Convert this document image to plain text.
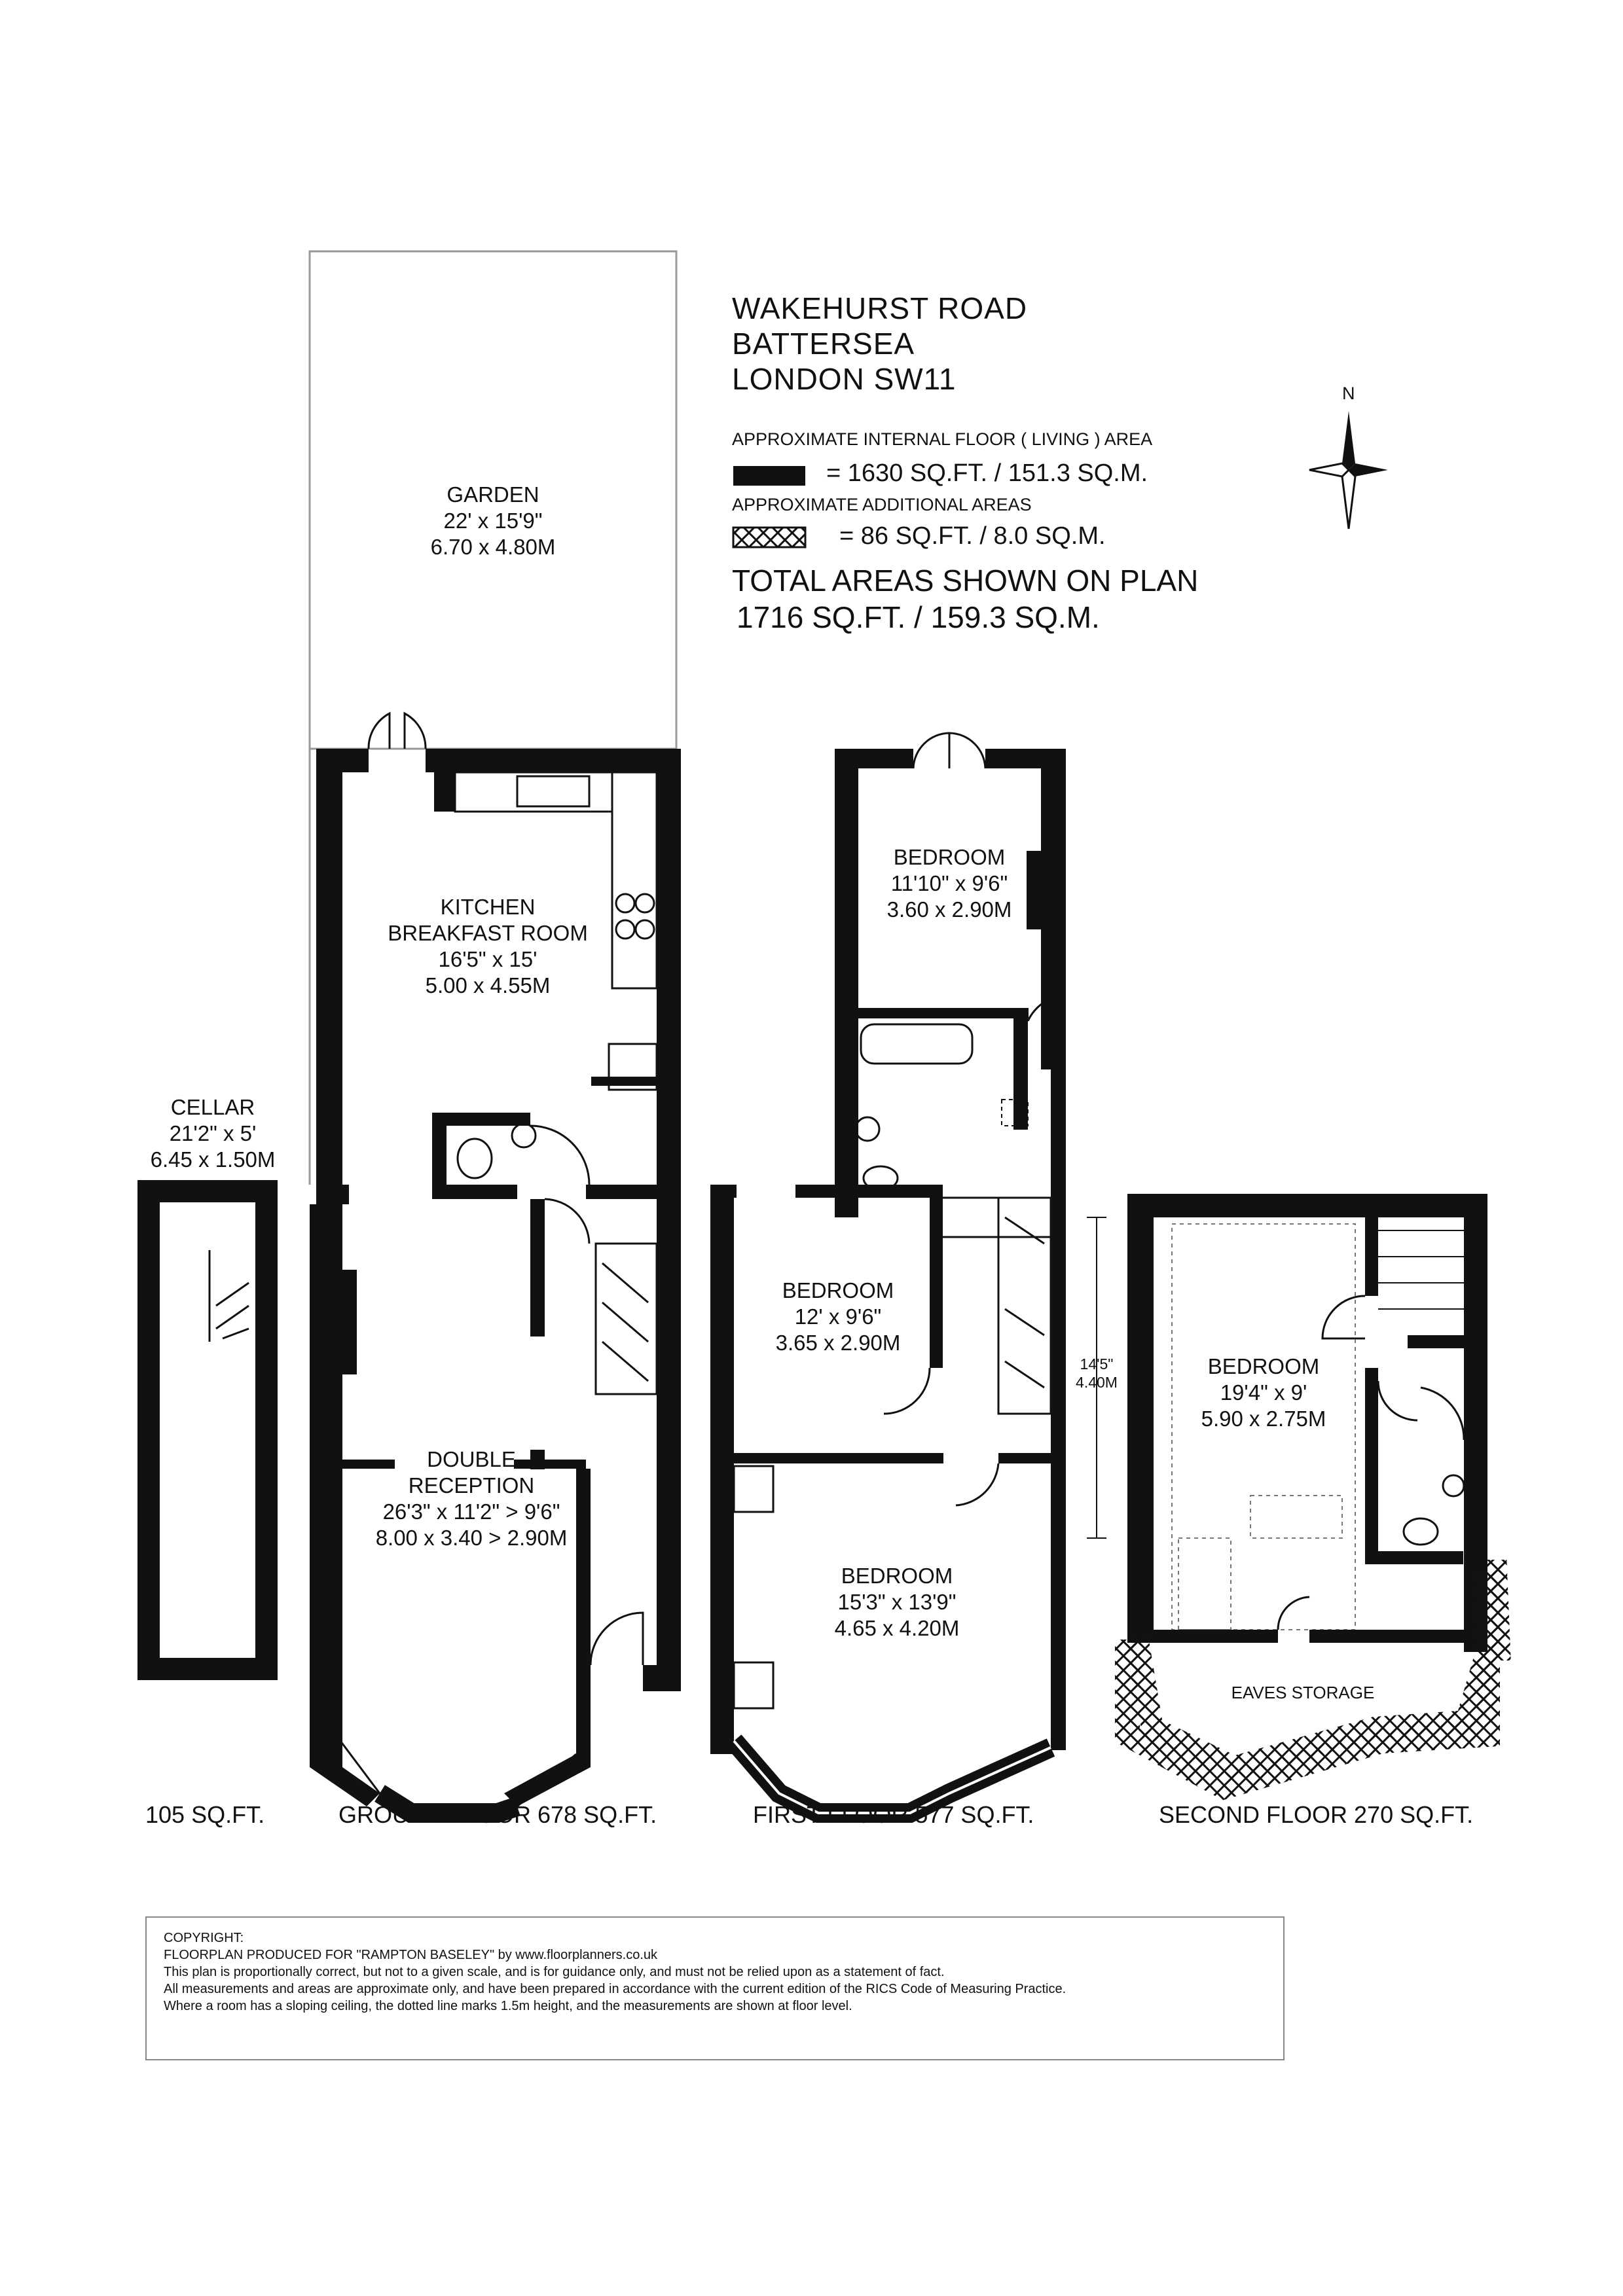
WAKEHURST ROAD
BATTERSEA
LONDON SW11
APPROXIMATE INTERNAL FLOOR ( LIVING ) AREA
= 1630 SQ.FT. / 151.3 SQ.M.
APPROXIMATE ADDITIONAL AREAS
= 86 SQ.FT. / 8.0 SQ.M.
TOTAL AREAS SHOWN ON PLAN
1716 SQ.FT. / 159.3 SQ.M.
N
GARDEN
22' x 15'9"
6.70 x 4.80M
KITCHEN
BREAKFAST ROOM
16'5" x 15'
5.00 x 4.55M
CELLAR
21'2" x 5'
6.45 x 1.50M
DOUBLE
RECEPTION
26'3" x 11'2" > 9'6"
8.00 x 3.40 > 2.90M
BEDROOM
11'10" x 9'6"
3.60 x 2.90M
BEDROOM
12' x 9'6"
3.65 x 2.90M
BEDROOM
15'3" x 13'9"
4.65 x 4.20M
BEDROOM
19'4" x 9'
5.90 x 2.75M
EAVES STORAGE
14'5"
4.40M
105 SQ.FT.	GROUND FLOOR 678 SQ.FT.	FIRST FLOOR 577 SQ.FT.	SECOND FLOOR 270 SQ.FT.
COPYRIGHT:
FLOORPLAN PRODUCED FOR "RAMPTON BASELEY" by www.floorplanners.co.uk
This plan is proportionally correct, but not to a given scale, and is for guidance only, and must not be relied upon as a statement of fact.
All measurements and areas are approximate only, and have been prepared in accordance with the current edition of the RICS Code of Measuring Practice.
Where a room has a sloping ceiling, the dotted line marks 1.5m height, and the measurements are shown at floor level.
